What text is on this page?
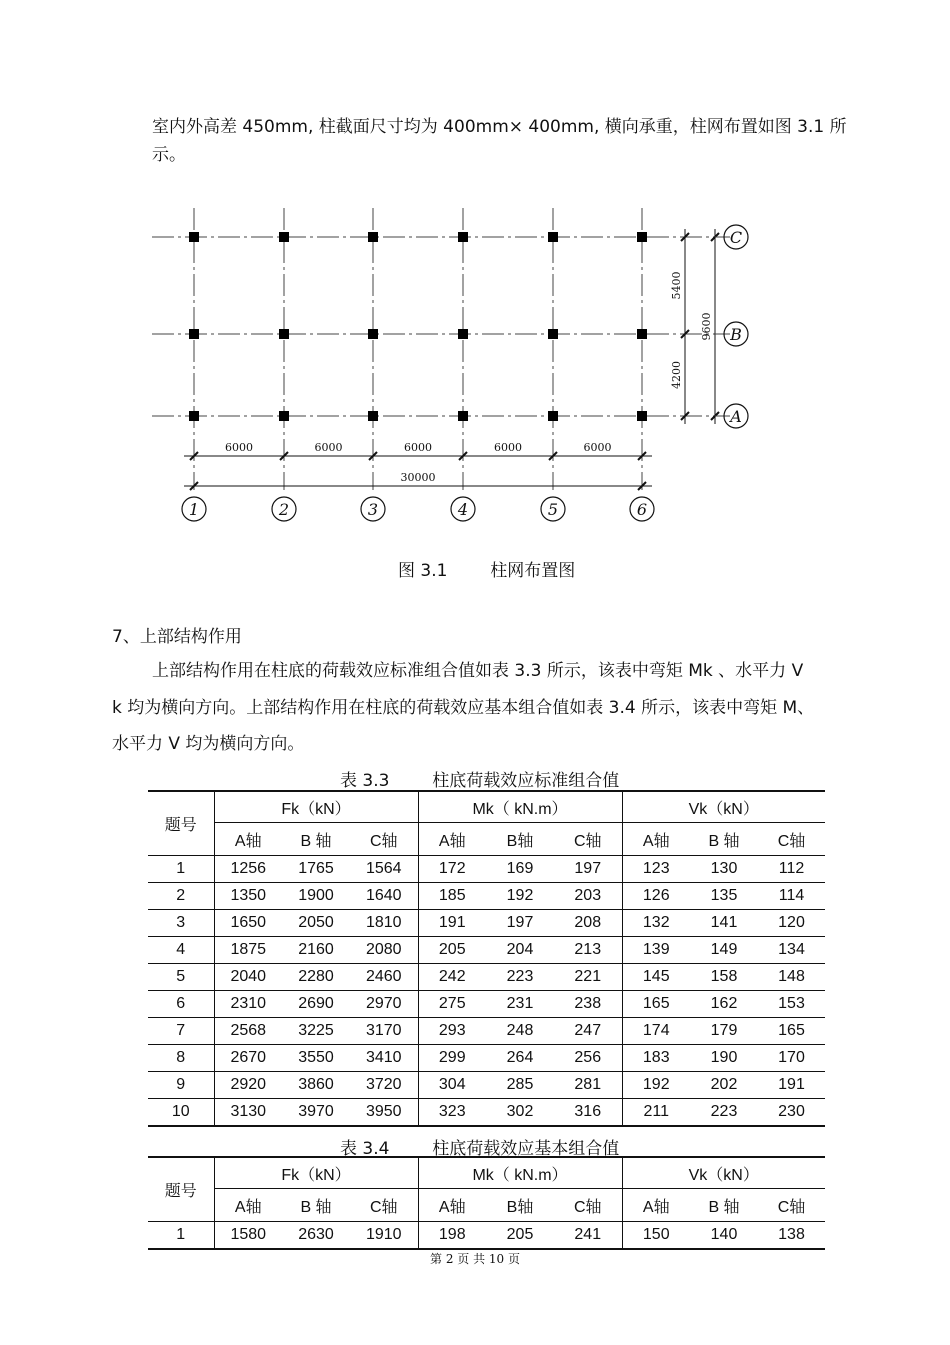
室内外高差 450mm, 柱截面尺寸均为 400mm× 400mm, 横向承重，柱网布置如图 3.1 所
示。
6000	6000	6000	6000	6000
30000
5400
4200
9600
C
B
A
1	2	3	4	5	6
图 3.1	柱网布置图
7、上部结构作用
上部结构作用在柱底的荷载效应标准组合值如表 3.3 所示，该表中弯矩 Mk 、水平力 V
k 均为横向方向。上部结构作用在柱底的荷载效应基本组合值如表 3.4 所示，该表中弯矩 M、
水平力 V 均为横向方向。
表 3.3	柱底荷载效应标准组合值
题号	Fk（kN）			Mk（ kN.m）			Vk（kN）		
	A轴	B 轴	C轴	A轴	B轴	C轴	A轴	B 轴	C轴
1	1256	1765	1564	172	169	197	123	130	112
2	1350	1900	1640	185	192	203	126	135	114
3	1650	2050	1810	191	197	208	132	141	120
4	1875	2160	2080	205	204	213	139	149	134
5	2040	2280	2460	242	223	221	145	158	148
6	2310	2690	2970	275	231	238	165	162	153
7	2568	3225	3170	293	248	247	174	179	165
8	2670	3550	3410	299	264	256	183	190	170
9	2920	3860	3720	304	285	281	192	202	191
10	3130	3970	3950	323	302	316	211	223	230
表 3.4	柱底荷载效应基本组合值
题号	Fk（kN）			Mk（ kN.m）			Vk（kN）		
	A轴	B 轴	C轴	A轴	B轴	C轴	A轴	B 轴	C轴
1	1580	2630	1910	198	205	241	150	140	138
第 2 页 共 10 页
